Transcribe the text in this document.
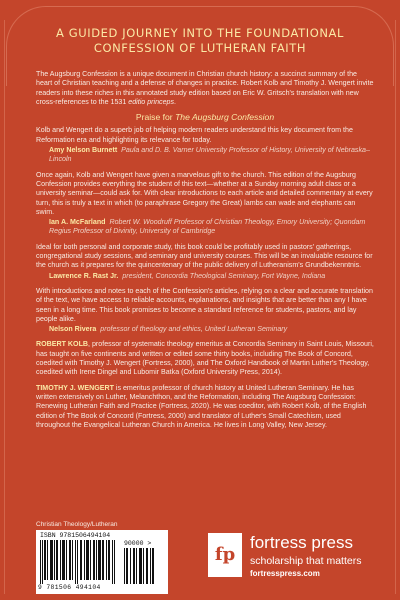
A GUIDED JOURNEY INTO THE FOUNDATIONAL
CONFESSION OF LUTHERAN FAITH

The Augsburg Confession is a unique document in Christian church history: a succinct summary of the heart of Christian teaching and a defense of changes in practice. Robert Kolb and Timothy J. Wengert invite readers into these riches in this annotated study edition based on Eric W. Gritsch's translation with new cross-references to the 1531 editio princeps.

Praise for The Augsburg Confession

Kolb and Wengert do a superb job of helping modern readers understand this key document from the Reformation era and highlighting its relevance for today.

Amy Nelson Burnett Paula and D. B. Varner University Professor of History, University of Nebraska–Lincoln

Once again, Kolb and Wengert have given a marvelous gift to the church. This edition of the Augsburg Confession provides everything the student of this text—whether at a Sunday morning adult class or a university seminar—could ask for. With clear introductions to each article and detailed commentary at every turn, this is truly a text in which (to paraphrase Gregory the Great) lambs can wade and elephants can swim.

Ian A. McFarland Robert W. Woodruff Professor of Christian Theology, Emory University; Quondam Regius Professor of Divinity, University of Cambridge

Ideal for both personal and corporate study, this book could be profitably used in pastors' gatherings, congregational study sessions, and seminary and university courses. This will be an invaluable resource for the church as it prepares for the quincentenary of the public delivery of Lutheranism's Grundbekenntnis.

Lawrence R. Rast Jr. president, Concordia Theological Seminary, Fort Wayne, Indiana

With introductions and notes to each of the Confession's articles, relying on a clear and accurate translation of the text, we have access to reliable accounts, explanations, and insights that are better than any I have seen in a long time. This book promises to become a standard reference for students, pastors, and lay people alike.

Nelson Rivera professor of theology and ethics, United Lutheran Seminary

ROBERT KOLB, professor of systematic theology emeritus at Concordia Seminary in Saint Louis, Missouri, has taught on five continents and written or edited some thirty books, including The Book of Concord, coedited with Timothy J. Wengert (Fortress, 2000), and The Oxford Handbook of Martin Luther's Theology, coedited with Irene Dingel and Lubomir Batka (Oxford University Press, 2014).

TIMOTHY J. WENGERT is emeritus professor of church history at United Lutheran Seminary. He has written extensively on Luther, Melanchthon, and the Reformation, including The Augsburg Confession: Renewing Lutheran Faith and Practice (Fortress, 2020). He was coeditor, with Robert Kolb, of the English edition of The Book of Concord (Fortress, 2000) and translator of Luther's Small Catechism, used throughout the Evangelical Lutheran Church in America. He lives in Long Valley, New Jersey.

Christian Theology/Lutheran
ISBN 9781506494104
90000 >
9 781506 494104
fp
fortress press
scholarship that matters
fortresspress.com
